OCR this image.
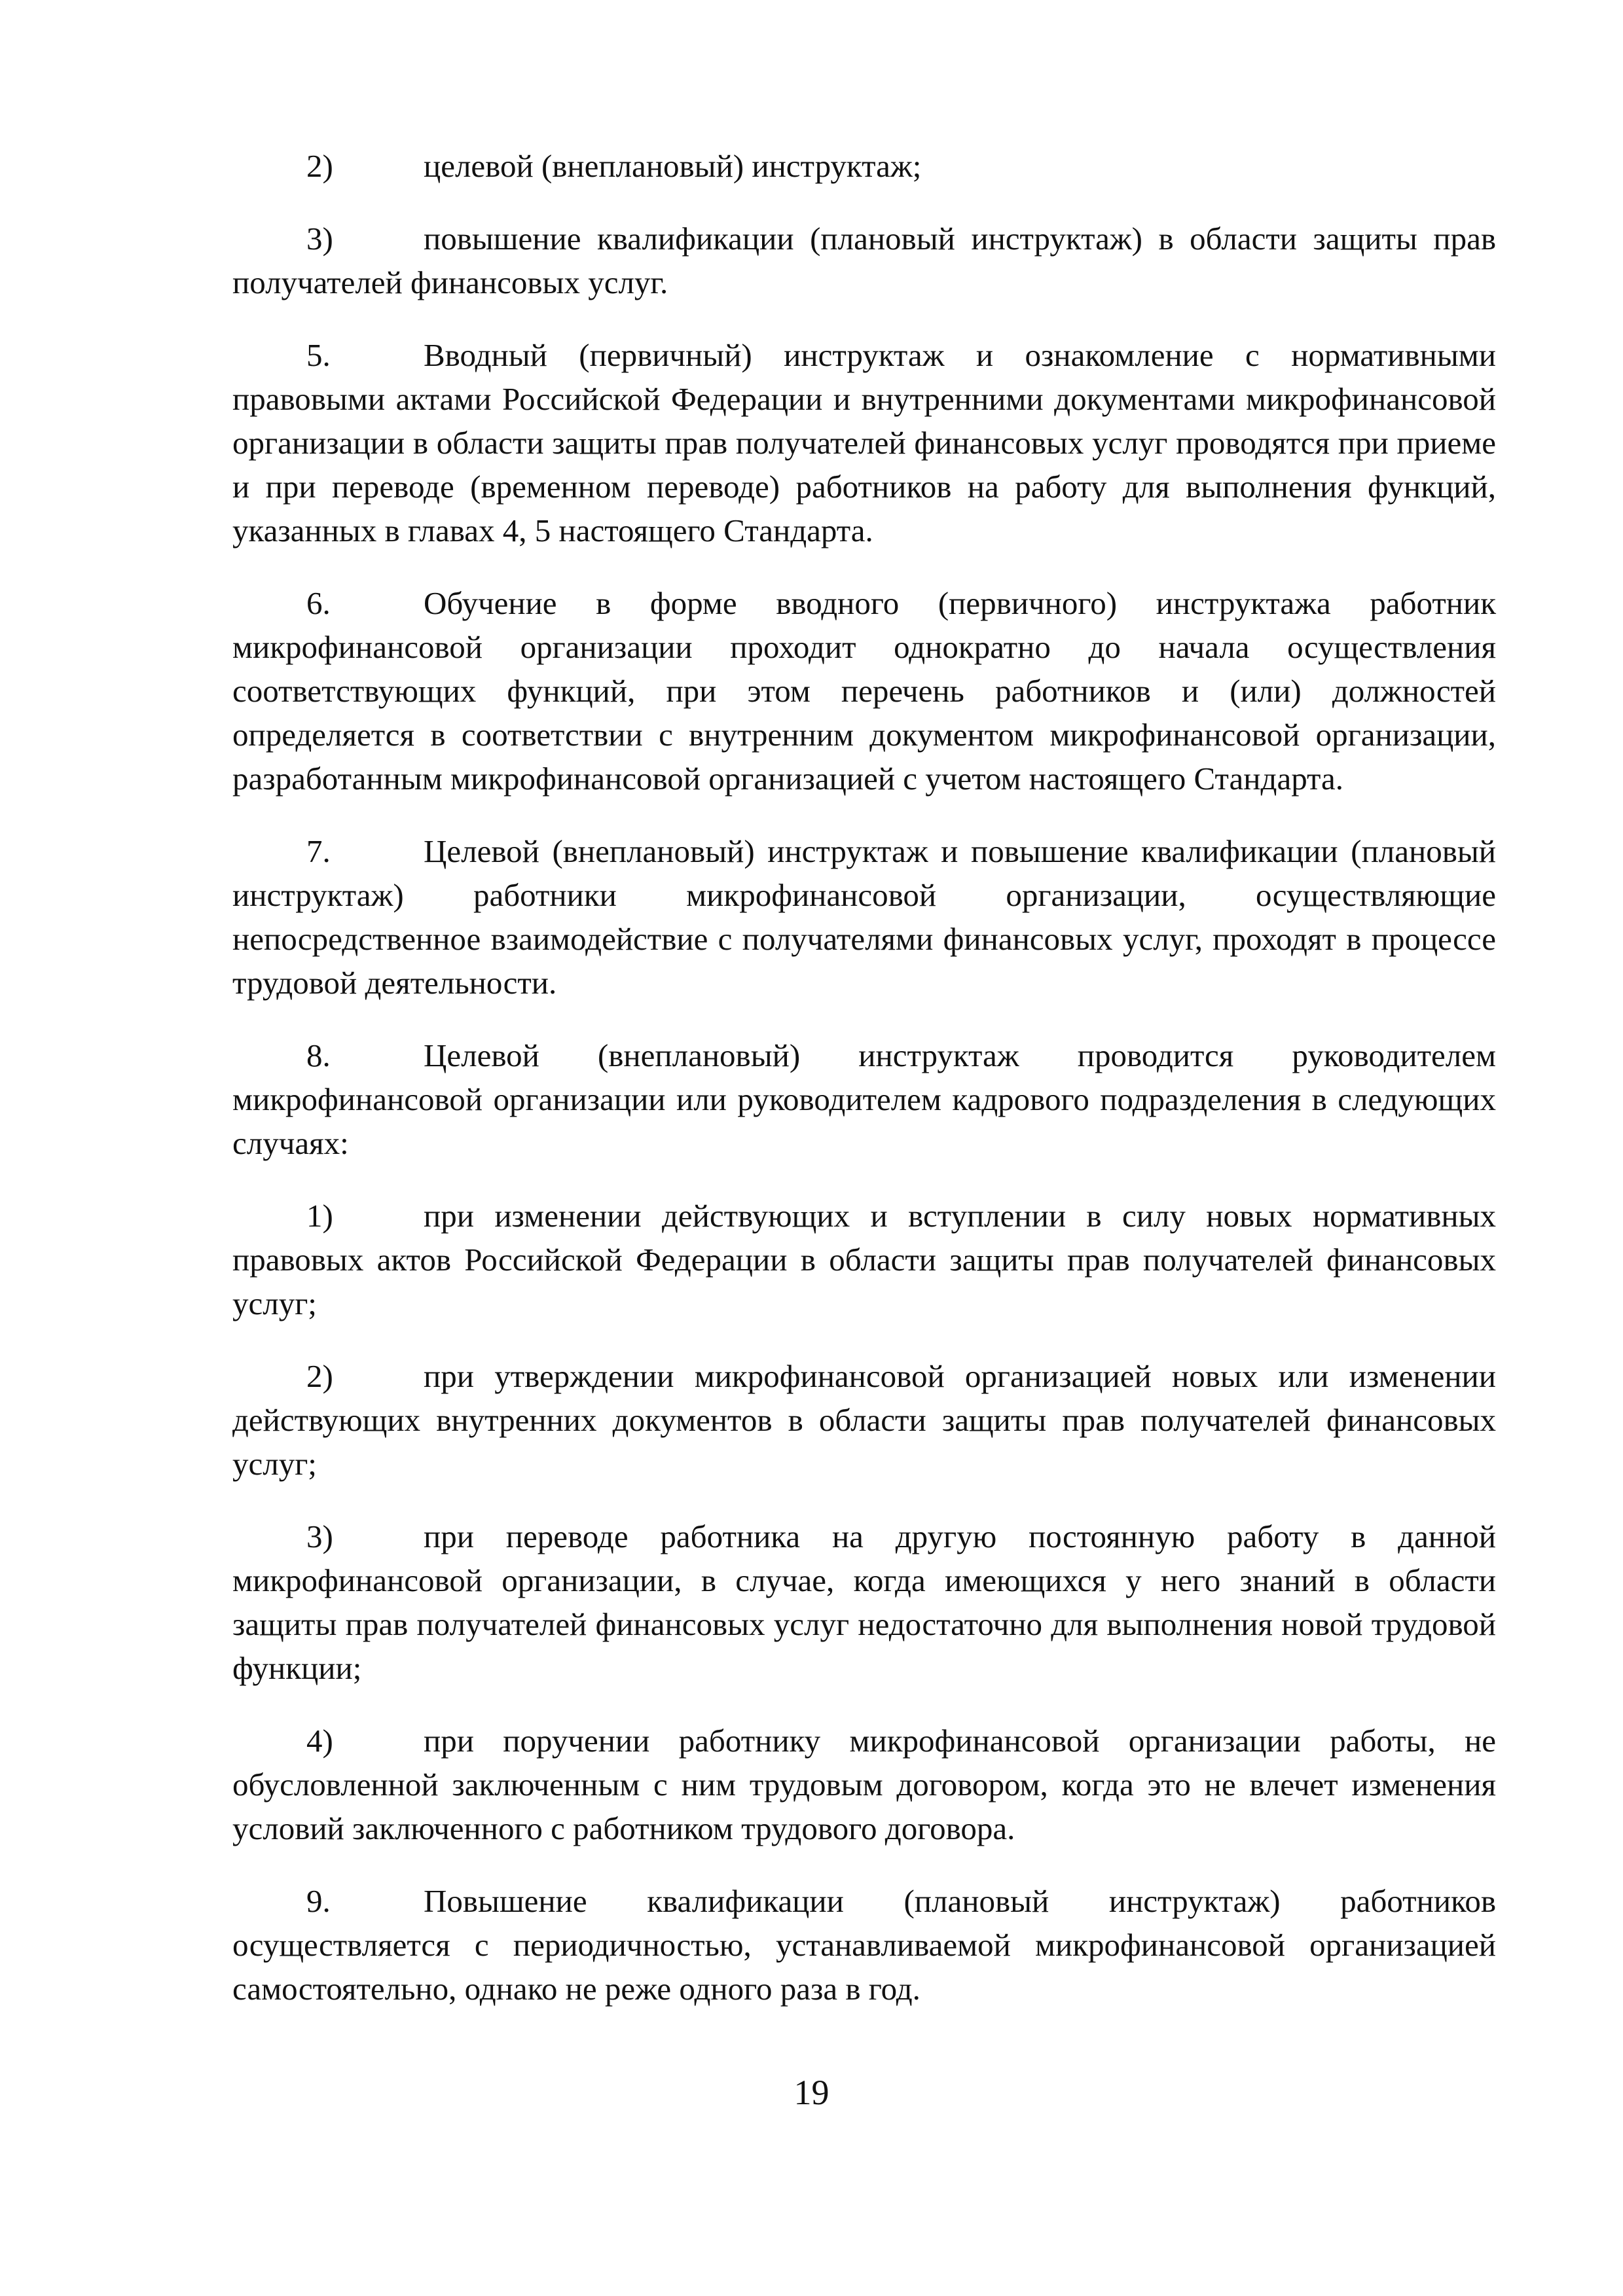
2)	целевой (внеплановый) инструктаж;

3)	повышение квалификации (плановый инструктаж) в области защиты прав получателей финансовых услуг.

5.	Вводный (первичный) инструктаж и ознакомление с нормативными правовыми актами Российской Федерации и внутренними документами микрофинансовой организации в области защиты прав получателей финансовых услуг проводятся при приеме и при переводе (временном переводе) работников на работу для выполнения функций, указанных в главах 4, 5 настоящего Стандарта.

6.	Обучение в форме вводного (первичного) инструктажа работник микрофинансовой организации проходит однократно до начала осуществления соответствующих функций, при этом перечень работников и (или) должностей определяется в соответствии с внутренним документом микрофинансовой организации, разработанным микрофинансовой организацией с учетом настоящего Стандарта.

7.	Целевой (внеплановый) инструктаж и повышение квалификации (плановый инструктаж) работники микрофинансовой организации, осуществляющие непосредственное взаимодействие с получателями финансовых услуг, проходят в процессе трудовой деятельности.

8.	Целевой (внеплановый) инструктаж проводится руководителем микрофинансовой организации или руководителем кадрового подразделения в следующих случаях:

1)	при изменении действующих и вступлении в силу новых нормативных правовых актов Российской Федерации в области защиты прав получателей финансовых услуг;

2)	при утверждении микрофинансовой организацией новых или изменении действующих внутренних документов в области защиты прав получателей финансовых услуг;

3)	при переводе работника на другую постоянную работу в данной микрофинансовой организации, в случае, когда имеющихся у него знаний в области защиты прав получателей финансовых услуг недостаточно для выполнения новой трудовой функции;

4)	при поручении работнику микрофинансовой организации работы, не обусловленной заключенным с ним трудовым договором, когда это не влечет изменения условий заключенного с работником трудового договора.

9.	Повышение квалификации (плановый инструктаж) работников осуществляется с периодичностью, устанавливаемой микрофинансовой организацией самостоятельно, однако не реже одного раза в год.

19
